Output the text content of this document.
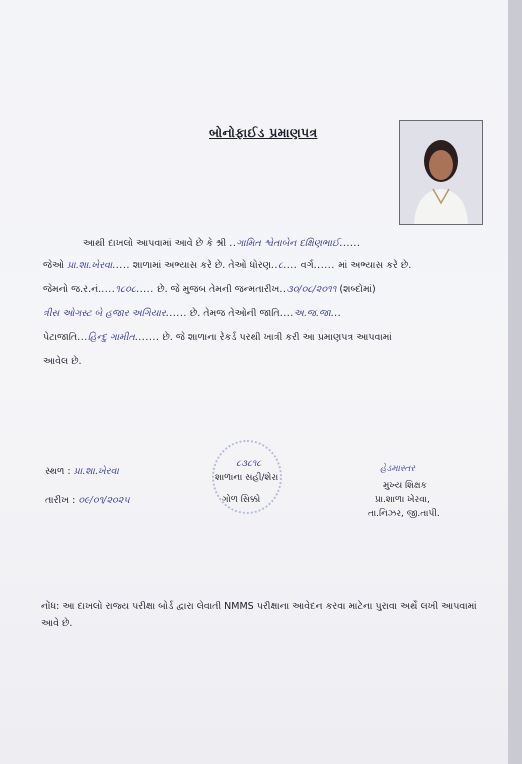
બોનોફાઈડ પ્રમાણપત્ર
આથી દાખલો આપવામાં આવે છે કે શ્રી ..ગામિત શ્વેતાબેન દક્ષિણભાઈ......
જેઓ પ્રા.શા.ખેરવા..... શાળામાં અભ્યાસ કરે છે. તેઓ ધોરણ..૮.... વર્ગ...... માં અભ્યાસ કરે છે.
જેમનો જ.ર.નં.....૧૮૦૮..... છે. જે મુજબ તેમની જન્મતારીખ..૩૦/૦૮/૨૦૧૧ (શબ્દોમાં)
ત્રીસ ઓગસ્ટ બે હજાર અગિયાર...... છે. તેમજ તેઓની જાતિ....અ.જ.જા...
પેટાજાતિ...હિન્દુ ગામીત....... છે. જે શાળાના રેકર્ડ પરથી ખાત્રી કરી આ પ્રમાણપત્ર આપવામાં
આવેલ છે.
સ્થળ : પ્રા.શા.ખેરવા
તારીખ : ૦૯/૦૧/૨૦૨૫
૮૩૮૧૮
શાળાના સહી/શેરા
ગોળ સિક્કો
હેડમાસ્તર
મુખ્ય શિક્ષક
પ્રા.શાળા ખેરવા,
તા.નિઝર, જી.તાપી.
નોંધ: આ દાખલો રાજ્ય પરીક્ષા બોર્ડ દ્વારા લેવાતી NMMS પરીક્ષાના આવેદન કરવા માટેના પુરાવા અર્થે લખી આપવામાં આવે છે.
